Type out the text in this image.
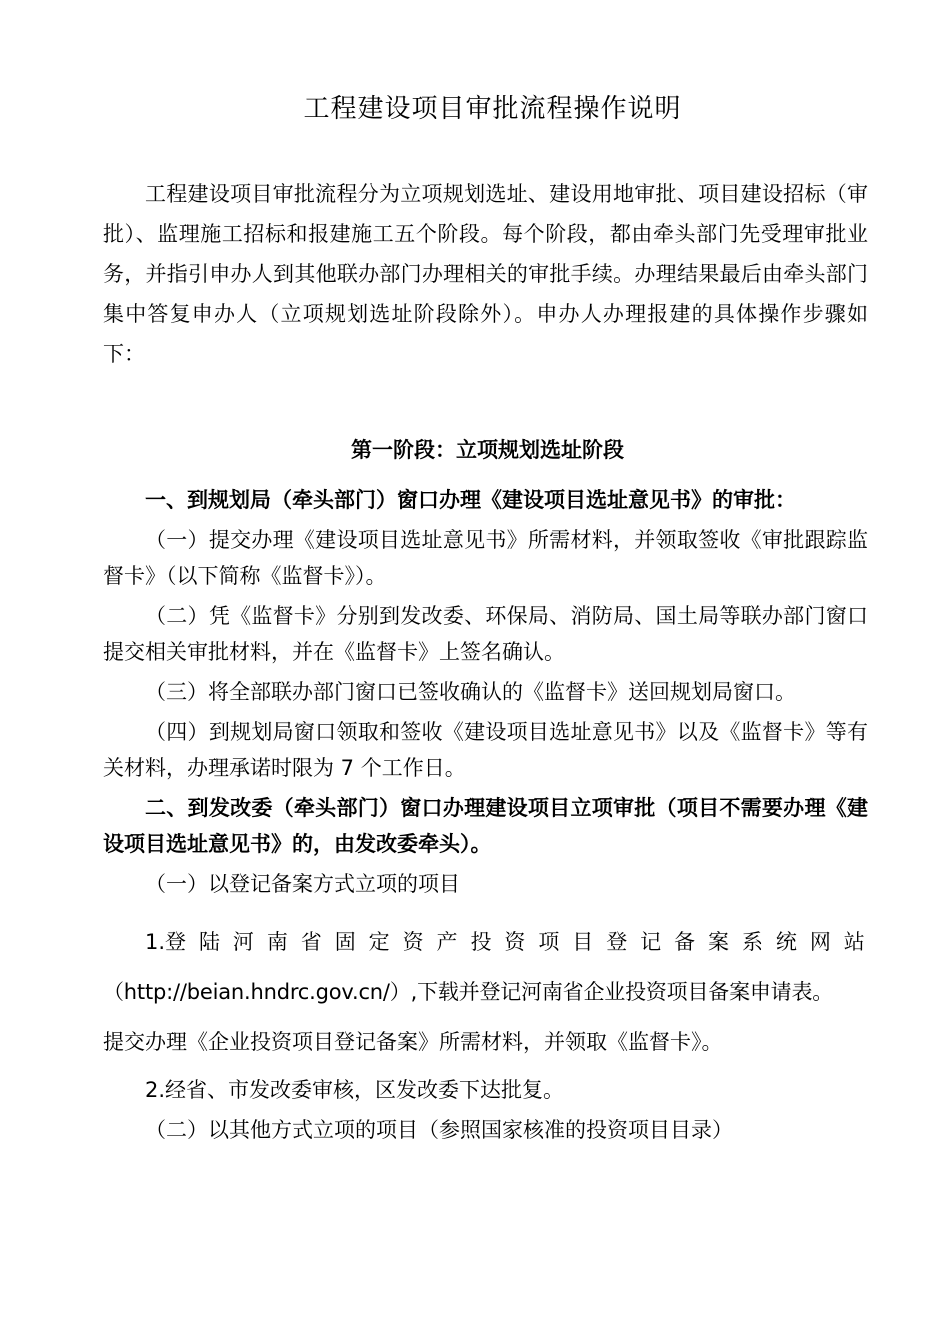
工程建设项目审批流程操作说明

工程建设项目审批流程分为立项规划选址、建设用地审批、项目建设招标（审批）、监理施工招标和报建施工五个阶段。每个阶段，都由牵头部门先受理审批业务，并指引申办人到其他联办部门办理相关的审批手续。办理结果最后由牵头部门集中答复申办人（立项规划选址阶段除外）。申办人办理报建的具体操作步骤如下：

第一阶段：立项规划选址阶段

一、到规划局（牵头部门）窗口办理《建设项目选址意见书》的审批：

（一）提交办理《建设项目选址意见书》所需材料，并领取签收《审批跟踪监督卡》（以下简称《监督卡》）。

（二）凭《监督卡》分别到发改委、环保局、消防局、国土局等联办部门窗口提交相关审批材料，并在《监督卡》上签名确认。

（三）将全部联办部门窗口已签收确认的《监督卡》送回规划局窗口。

（四）到规划局窗口领取和签收《建设项目选址意见书》以及《监督卡》等有关材料，办理承诺时限为 7 个工作日。

二、到发改委（牵头部门）窗口办理建设项目立项审批（项目不需要办理《建设项目选址意见书》的，由发改委牵头）。

（一）以登记备案方式立项的项目

1.登 陆 河 南 省 固 定 资 产 投 资 项 目 登 记 备 案 系 统 网 站
（http://beian.hndrc.gov.cn/）,下载并登记河南省企业投资项目备案申请表。
提交办理《企业投资项目登记备案》所需材料，并领取《监督卡》。
2.经省、市发改委审核，区发改委下达批复。
（二）以其他方式立项的项目（参照国家核准的投资项目目录）
